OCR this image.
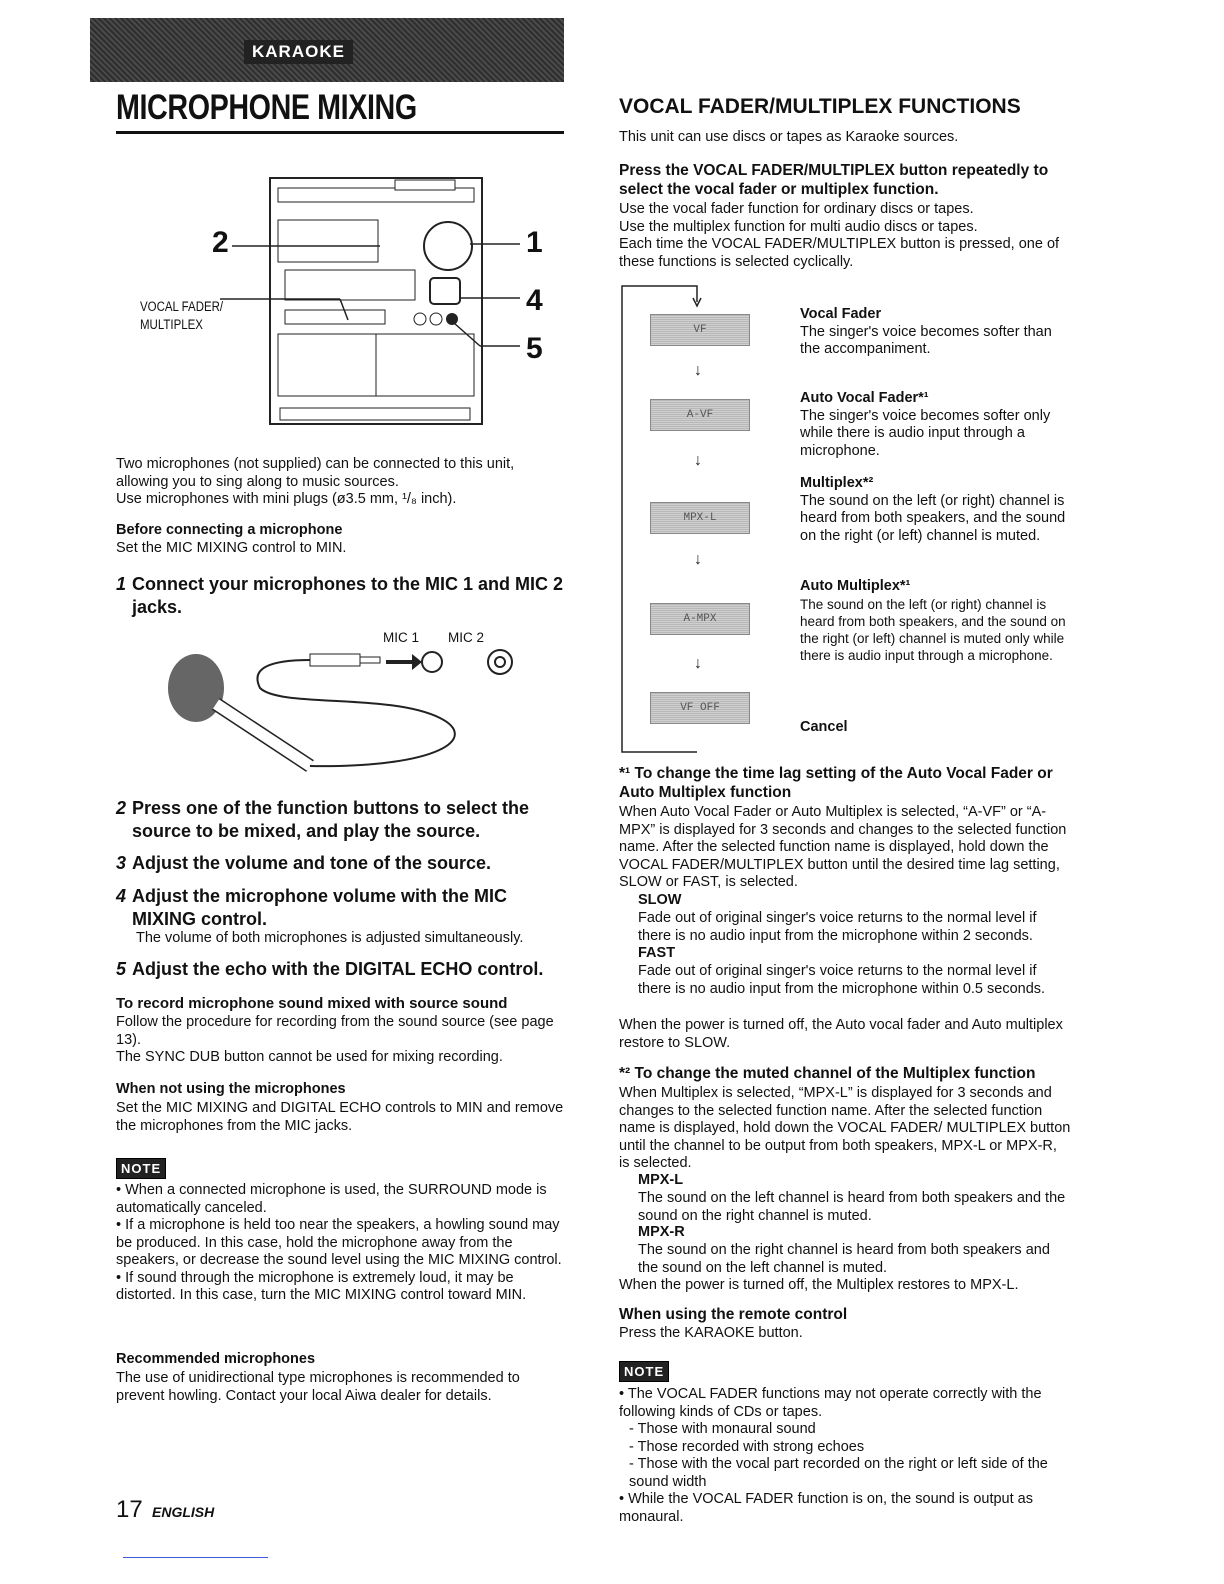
KARAOKE
MICROPHONE MIXING
2	1
4
5
VOCAL FADER/
MULTIPLEX
Two microphones (not supplied) can be connected to this unit,
allowing you to sing along to music sources.
Use microphones with mini plugs (ø3.5 mm, ¹/₈ inch).
Before connecting a microphone
Set the MIC MIXING control to MIN.
1 Connect your microphones to the MIC 1 and MIC 2 jacks.
MIC 1 MIC 2
2 Press one of the function buttons to select the source to be mixed, and play the source.
3 Adjust the volume and tone of the source.
4 Adjust the microphone volume with the MIC MIXING control.
The volume of both microphones is adjusted simultaneously.
5 Adjust the echo with the DIGITAL ECHO control.
To record microphone sound mixed with source sound
Follow the procedure for recording from the sound source (see page 13).
The SYNC DUB button cannot be used for mixing recording.
When not using the microphones
Set the MIC MIXING and DIGITAL ECHO controls to MIN and remove the microphones from the MIC jacks.
NOTE
• When a connected microphone is used, the SURROUND mode is automatically canceled.
• If a microphone is held too near the speakers, a howling sound may be produced. In this case, hold the microphone away from the speakers, or decrease the sound level using the MIC MIXING control.
• If sound through the microphone is extremely loud, it may be distorted. In this case, turn the MIC MIXING control toward MIN.
Recommended microphones
The use of unidirectional type microphones is recommended to prevent howling. Contact your local Aiwa dealer for details.
17 ENGLISH
VOCAL FADER/MULTIPLEX FUNCTIONS
This unit can use discs or tapes as Karaoke sources.
Press the VOCAL FADER/MULTIPLEX button repeatedly to select the vocal fader or multiplex function.
Use the vocal fader function for ordinary discs or tapes.
Use the multiplex function for multi audio discs or tapes.
Each time the VOCAL FADER/MULTIPLEX button is pressed, one of these functions is selected cyclically.
VF
↓
A-VF
↓
MPX-L
↓
A-MPX
↓
VF OFF
Vocal Fader
The singer's voice becomes softer than the accompaniment.
Auto Vocal Fader*¹
The singer's voice becomes softer only while there is audio input through a microphone.
Multiplex*²
The sound on the left (or right) channel is heard from both speakers, and the sound on the right (or left) channel is muted.
Auto Multiplex*¹
The sound on the left (or right) channel is heard from both speakers, and the sound on the right (or left) channel is muted only while there is audio input through a microphone.
Cancel
*¹ To change the time lag setting of the Auto Vocal Fader or Auto Multiplex function
When Auto Vocal Fader or Auto Multiplex is selected, “A-VF” or “A-MPX” is displayed for 3 seconds and changes to the selected function name. After the selected function name is displayed, hold down the VOCAL FADER/MULTIPLEX button until the desired time lag setting, SLOW or FAST, is selected.
SLOW
Fade out of original singer's voice returns to the normal level if there is no audio input from the microphone within 2 seconds.
FAST
Fade out of original singer's voice returns to the normal level if there is no audio input from the microphone within 0.5 seconds.
When the power is turned off, the Auto vocal fader and Auto multiplex restore to SLOW.
*² To change the muted channel of the Multiplex function
When Multiplex is selected, “MPX-L” is displayed for 3 seconds and changes to the selected function name. After the selected function name is displayed, hold down the VOCAL FADER/ MULTIPLEX button until the channel to be output from both speakers, MPX-L or MPX-R, is selected.
MPX-L
The sound on the left channel is heard from both speakers and the sound on the right channel is muted.
MPX-R
The sound on the right channel is heard from both speakers and the sound on the left channel is muted.
When the power is turned off, the Multiplex restores to MPX-L.
When using the remote control
Press the KARAOKE button.
NOTE
• The VOCAL FADER functions may not operate correctly with the following kinds of CDs or tapes.
- Those with monaural sound
- Those recorded with strong echoes
- Those with the vocal part recorded on the right or left side of the sound width
• While the VOCAL FADER function is on, the sound is output as monaural.
